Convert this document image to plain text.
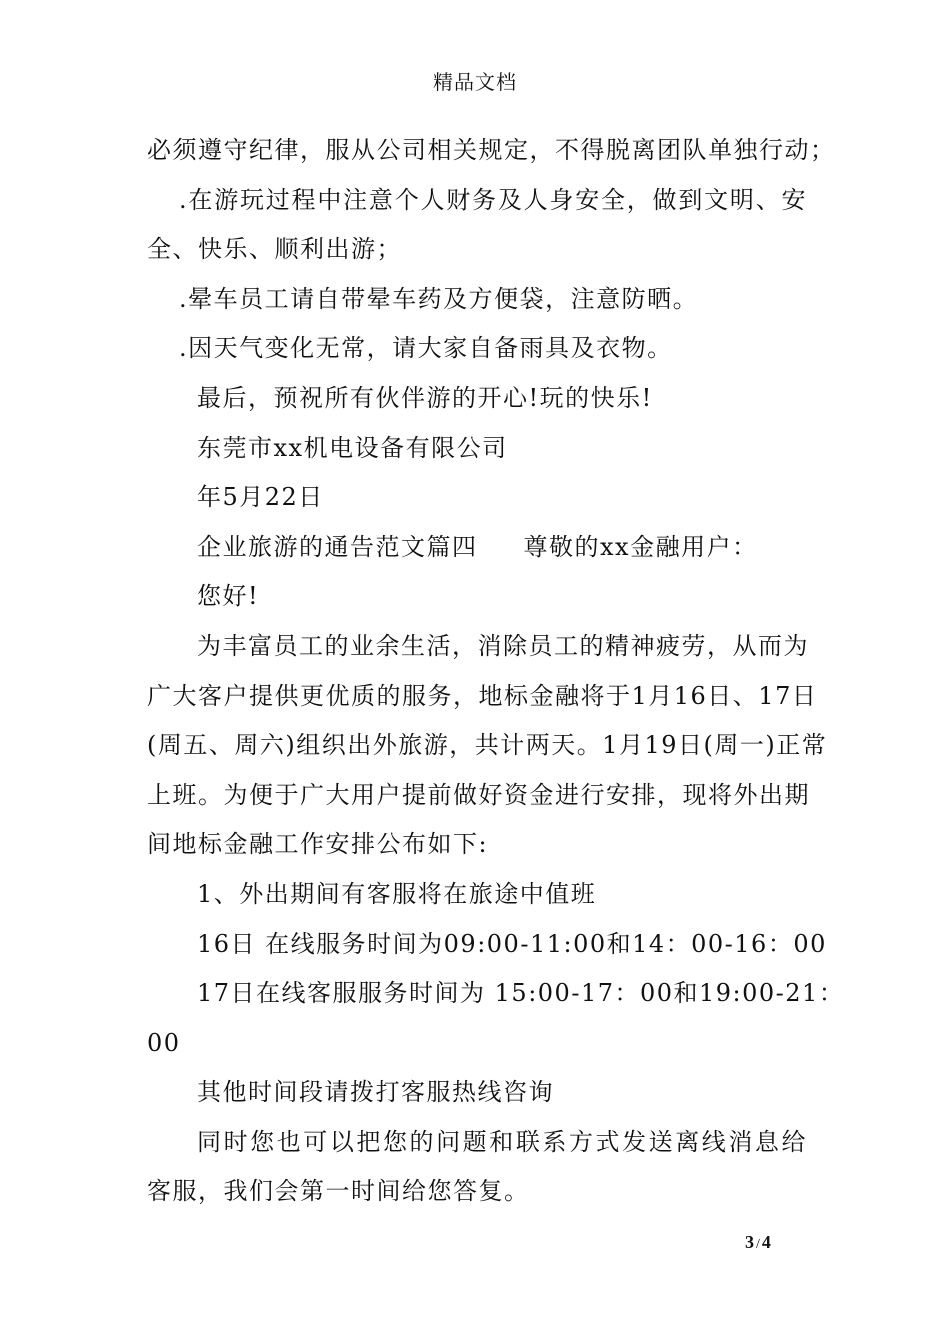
精品文档
必须遵守纪律，服从公司相关规定，不得脱离团队单独行动；
.在游玩过程中注意个人财务及人身安全，做到文明、安
全、快乐、顺利出游；
.晕车员工请自带晕车药及方便袋，注意防晒。
.因天气变化无常，请大家自备雨具及衣物。
最后，预祝所有伙伴游的开心!玩的快乐!
东莞市xx机电设备有限公司
年5月22日
企业旅游的通告范文篇四 尊敬的xx金融用户：
您好!
为丰富员工的业余生活，消除员工的精神疲劳，从而为
广大客户提供更优质的服务，地标金融将于1月16日、17日
(周五、周六)组织出外旅游，共计两天。1月19日(周一)正常
上班。为便于广大用户提前做好资金进行安排，现将外出期
间地标金融工作安排公布如下:
1、外出期间有客服将在旅途中值班
16日 在线服务时间为09:00-11:00和14：00-16：00
17日在线客服服务时间为 15:00-17：00和19:00-21：
00
其他时间段请拨打客服热线咨询
同时您也可以把您的问题和联系方式发送离线消息给
客服，我们会第一时间给您答复。
3 / 4
